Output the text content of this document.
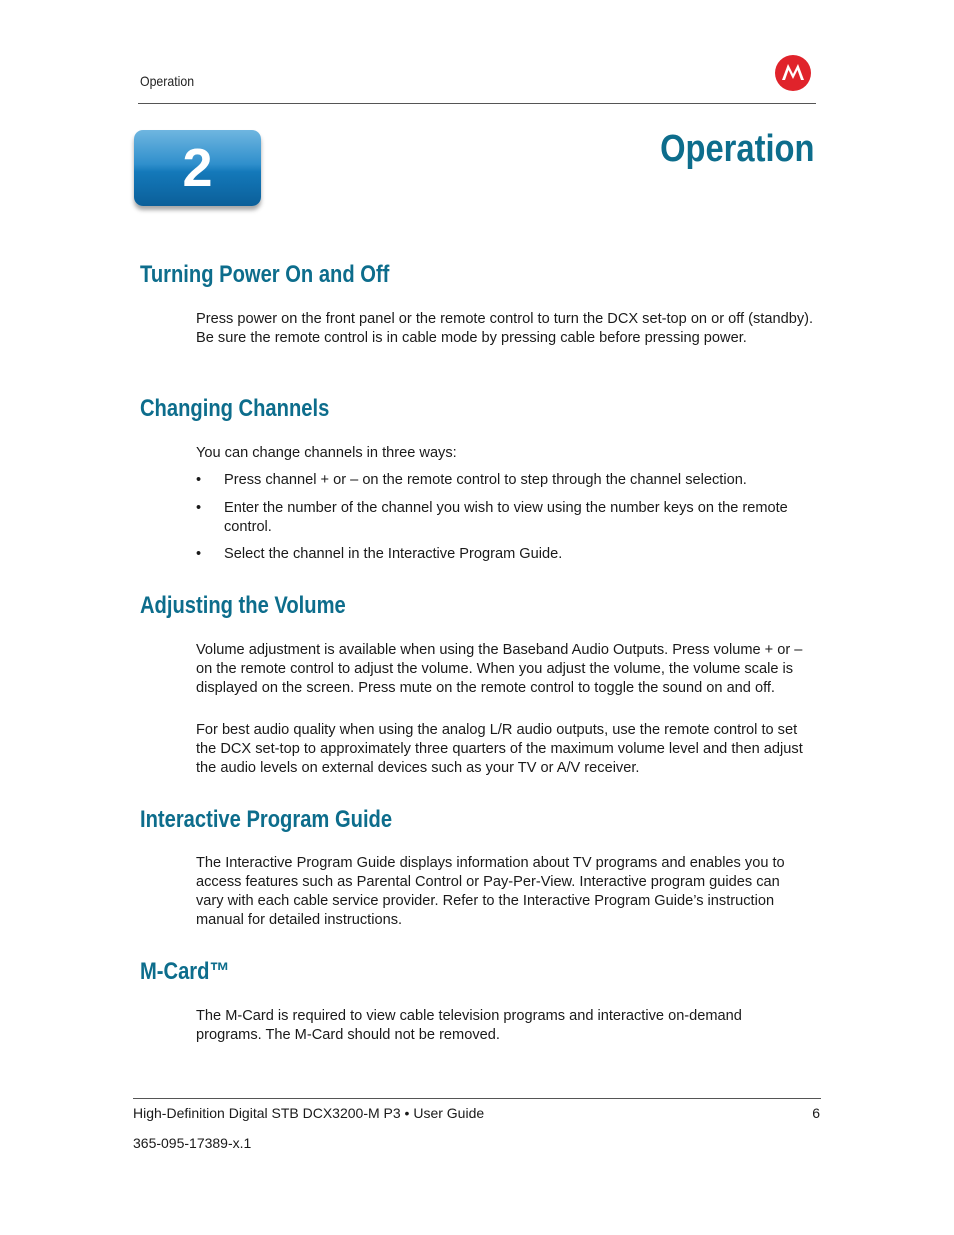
Operation
2	Operation
Turning Power On and Off

Press power on the front panel or the remote control to turn the DCX set-top on or off (standby). Be sure the remote control is in cable mode by pressing cable before pressing power.

Changing Channels

You can change channels in three ways:

•	Press channel + or – on the remote control to step through the channel selection.
•	Enter the number of the channel you wish to view using the number keys on the remote control.
•	Select the channel in the Interactive Program Guide.
Adjusting the Volume

Volume adjustment is available when using the Baseband Audio Outputs. Press volume + or – on the remote control to adjust the volume. When you adjust the volume, the volume scale is displayed on the screen. Press mute on the remote control to toggle the sound on and off.

For best audio quality when using the analog L/R audio outputs, use the remote control to set the DCX set-top to approximately three quarters of the maximum volume level and then adjust the audio levels on external devices such as your TV or A/V receiver.

Interactive Program Guide

The Interactive Program Guide displays information about TV programs and enables you to access features such as Parental Control or Pay-Per-View. Interactive program guides can vary with each cable service provider. Refer to the Interactive Program Guide’s instruction manual for detailed instructions.

M-Card™

The M-Card is required to view cable television programs and interactive on-demand programs. The M-Card should not be removed.

High-Definition Digital STB DCX3200-M P3 • User Guide	6
365-095-17389-x.1
